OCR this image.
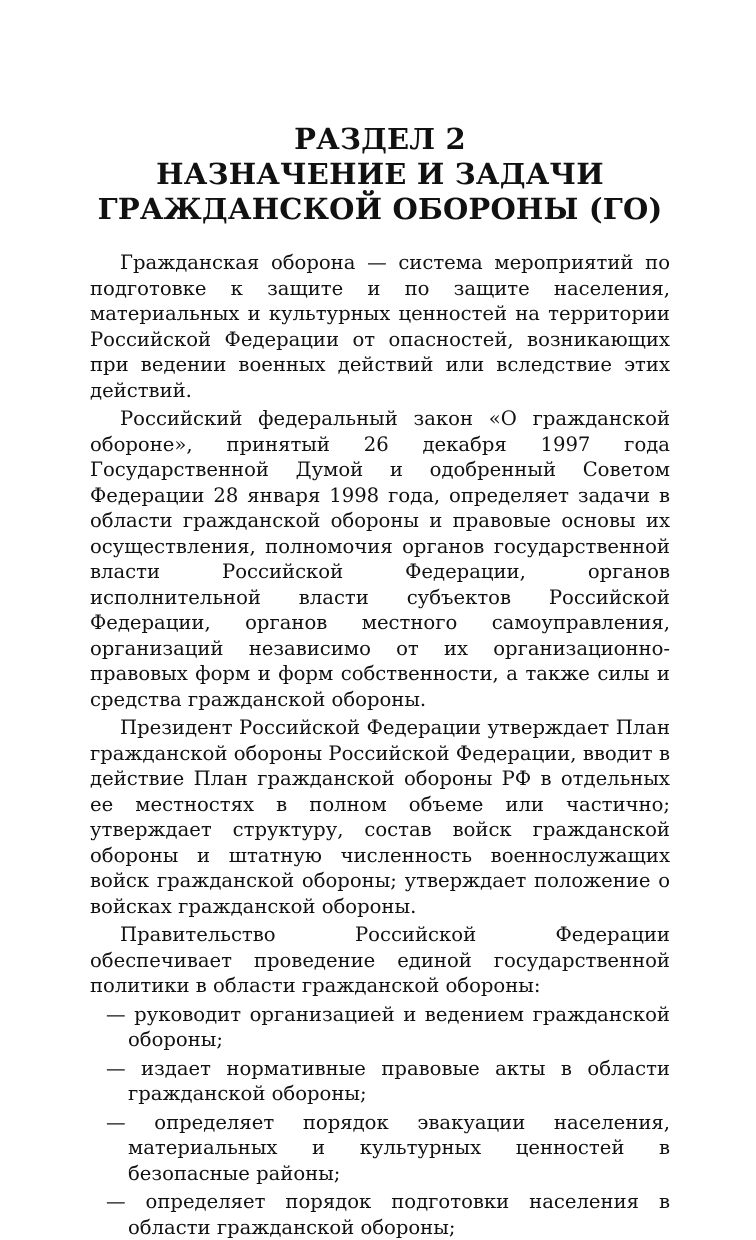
РАЗДЕЛ 2
НАЗНАЧЕНИЕ И ЗАДАЧИ
ГРАЖДАНСКОЙ ОБОРОНЫ (ГО)

Гражданская оборона — система мероприятий по подготовке к защите и по защите населения, материальных и культурных ценностей на территории Российской Федерации от опасностей, возникающих при ведении военных действий или вследствие этих действий.

Российский федеральный закон «О гражданской обороне», принятый 26 декабря 1997 года Государственной Думой и одобренный Советом Федерации 28 января 1998 года, определяет задачи в области гражданской обороны и правовые основы их осуществления, полномочия органов государственной власти Российской Федерации, органов исполнительной власти субъектов Российской Федерации, органов местного самоуправления, организаций независимо от их организационно-правовых форм и форм собственности, а также силы и средства гражданской обороны.

Президент Российской Федерации утверждает План гражданской обороны Российской Федерации, вводит в действие План гражданской обороны РФ в отдельных ее местностях в полном объеме или частично; утверждает структуру, состав войск гражданской обороны и штатную численность военнослужащих войск гражданской обороны; утверждает положение о войсках гражданской обороны.

Правительство Российской Федерации обеспечивает проведение единой государственной политики в области гражданской обороны:

— руководит организацией и ведением гражданской обороны;
— издает нормативные правовые акты в области гражданской обороны;
— определяет порядок эвакуации населения, материальных и культурных ценностей в безопасные районы;
— определяет порядок подготовки населения в области гражданской обороны;
